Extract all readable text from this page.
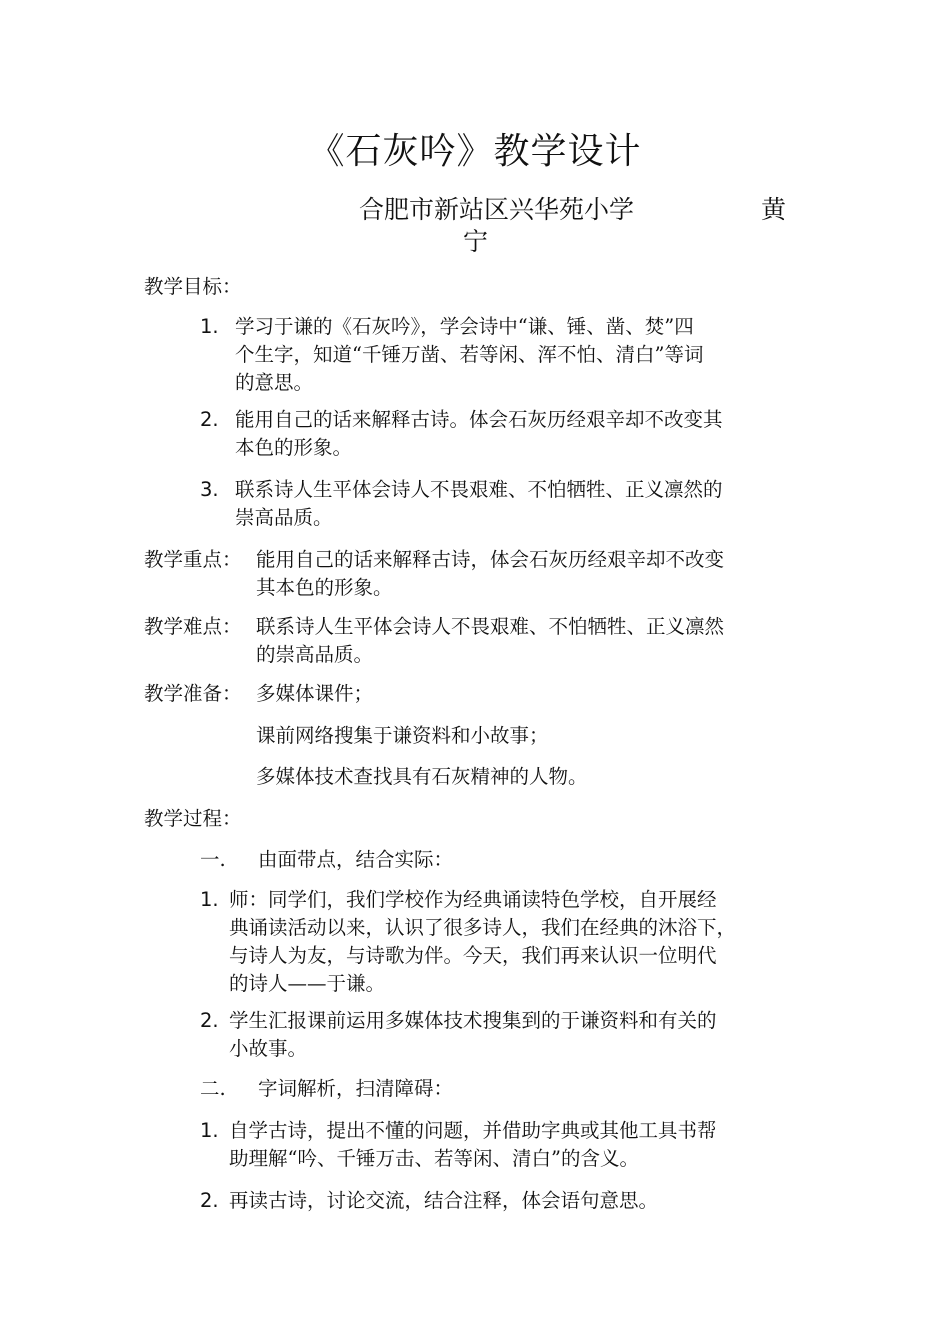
《石灰吟》教学设计
合肥市新站区兴华苑小学	黄
宁
教学目标：
1. 学习于谦的《石灰吟》，学会诗中“谦、锤、凿、焚”四
个生字，知道“千锤万凿、若等闲、浑不怕、清白”等词
的意思。
2. 能用自己的话来解释古诗。体会石灰历经艰辛却不改变其
本色的形象。
3. 联系诗人生平体会诗人不畏艰难、不怕牺牲、正义凛然的
崇高品质。
教学重点： 能用自己的话来解释古诗，体会石灰历经艰辛却不改变
其本色的形象。
教学难点： 联系诗人生平体会诗人不畏艰难、不怕牺牲、正义凛然
的崇高品质。
教学准备： 多媒体课件；
课前网络搜集于谦资料和小故事；
多媒体技术查找具有石灰精神的人物。
教学过程：
一.	由面带点，结合实际：
1. 师：同学们，我们学校作为经典诵读特色学校，自开展经
典诵读活动以来，认识了很多诗人，我们在经典的沐浴下，
与诗人为友，与诗歌为伴。今天，我们再来认识一位明代
的诗人——于谦。
2. 学生汇报课前运用多媒体技术搜集到的于谦资料和有关的
小故事。
二.	字词解析，扫清障碍：
1. 自学古诗，提出不懂的问题，并借助字典或其他工具书帮
助理解“吟、千锤万击、若等闲、清白”的含义。
2. 再读古诗，讨论交流，结合注释，体会语句意思。
